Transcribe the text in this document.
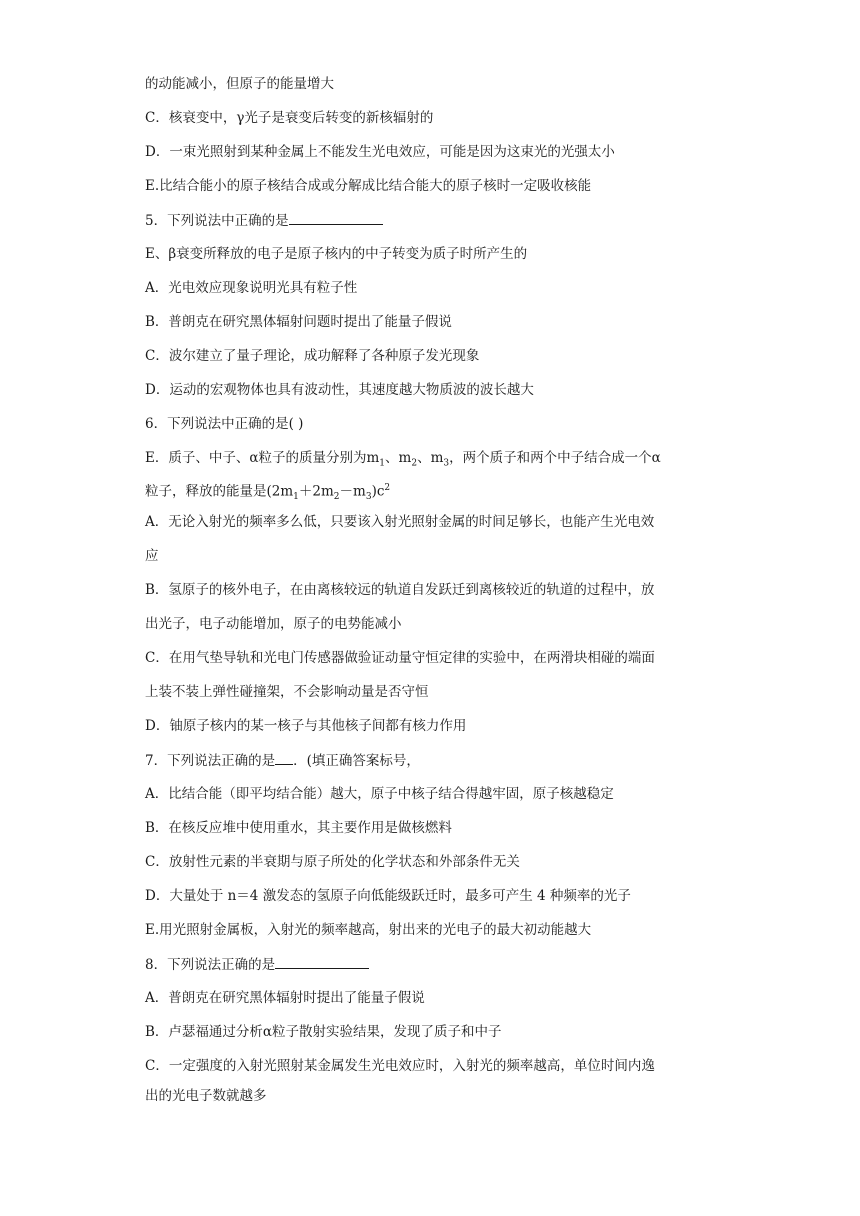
的动能减小，但原子的能量增大
C．核衰变中，γ光子是衰变后转变的新核辐射的
D．一束光照射到某种金属上不能发生光电效应，可能是因为这束光的光强太小
E.比结合能小的原子核结合成或分解成比结合能大的原子核时一定吸收核能
5．下列说法中正确的是
E、β衰变所释放的电子是原子核内的中子转变为质子时所产生的
A．光电效应现象说明光具有粒子性
B．普朗克在研究黑体辐射问题时提出了能量子假说
C．波尔建立了量子理论，成功解释了各种原子发光现象
D．运动的宏观物体也具有波动性，其速度越大物质波的波长越大
6．下列说法中正确的是( )
E．质子、中子、α粒子的质量分别为$m_1$、$m_2$、$m_3$，两个质子和两个中子结合成一个α
粒子，释放的能量是$(2m_1+2m_2-m_3)c^2$
A．无论入射光的频率多么低，只要该入射光照射金属的时间足够长，也能产生光电效
应
B．氢原子的核外电子，在由离核较远的轨道自发跃迁到离核较近的轨道的过程中，放
出光子，电子动能增加，原子的电势能减小
C．在用气垫导轨和光电门传感器做验证动量守恒定律的实验中，在两滑块相碰的端面
上装不装上弹性碰撞架，不会影响动量是否守恒
D．铀原子核内的某一核子与其他核子间都有核力作用
7．下列说法正确的是 ．(填正确答案标号，
A．比结合能（即平均结合能）越大，原子中核子结合得越牢固，原子核越稳定
B．在核反应堆中使用重水，其主要作用是做核燃料
C．放射性元素的半衰期与原子所处的化学状态和外部条件无关
D．大量处于 n＝4 激发态的氢原子向低能级跃迁时，最多可产生 4 种频率的光子
E.用光照射金属板，入射光的频率越高，射出来的光电子的最大初动能越大
8．下列说法正确的是
A．普朗克在研究黑体辐射时提出了能量子假说
B．卢瑟福通过分析α粒子散射实验结果，发现了质子和中子
C．一定强度的入射光照射某金属发生光电效应时，入射光的频率越高，单位时间内逸
出的光电子数就越多
